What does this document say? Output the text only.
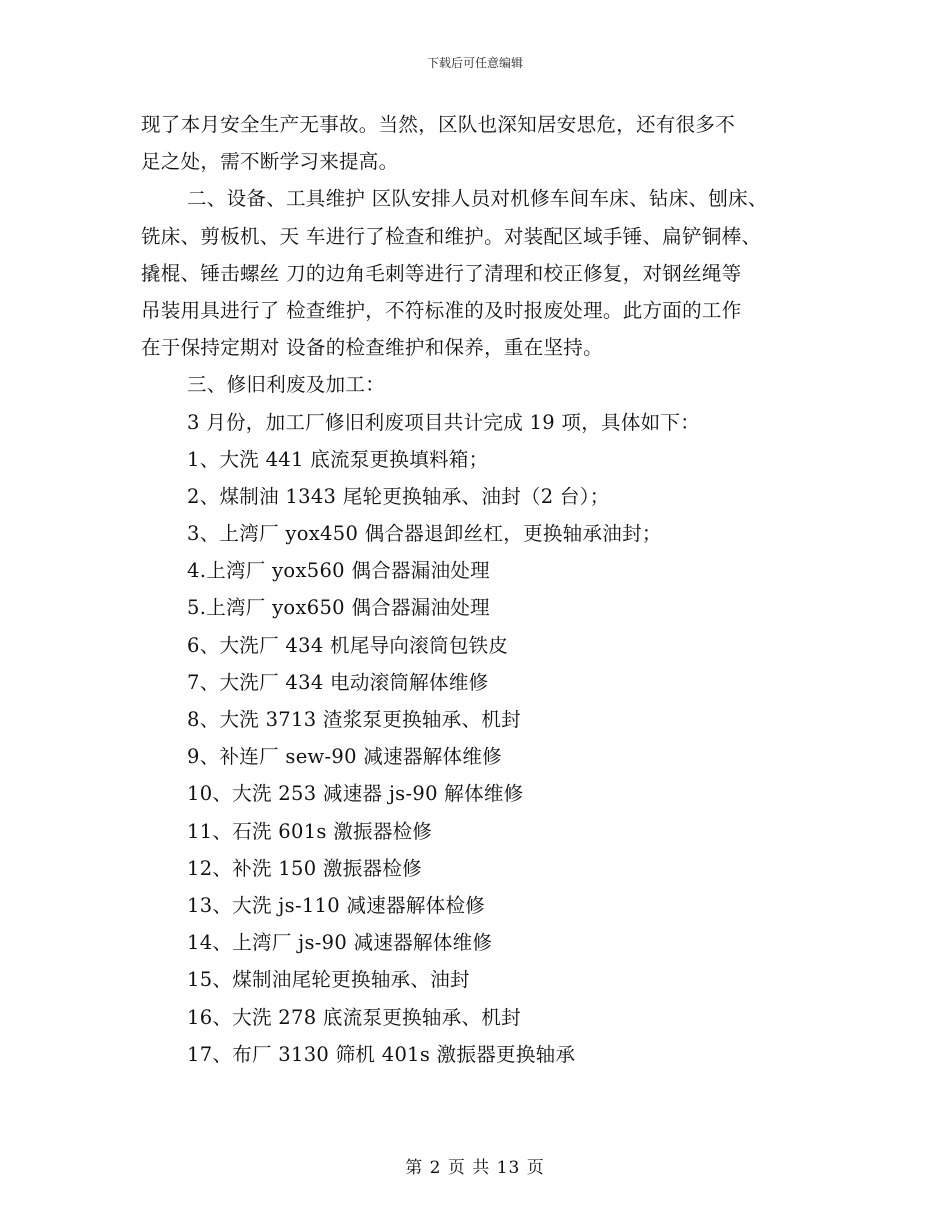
下载后可任意编辑
现了本月安全生产无事故。当然，区队也深知居安思危，还有很多不
足之处，需不断学习来提高。
二、设备、工具维护 区队安排人员对机修车间车床、钻床、刨床、
铣床、剪板机、天 车进行了检查和维护。对装配区域手锤、扁铲铜棒、
撬棍、锤击螺丝 刀的边角毛刺等进行了清理和校正修复，对钢丝绳等
吊装用具进行了 检查维护，不符标准的及时报废处理。此方面的工作
在于保持定期对 设备的检查维护和保养，重在坚持。
三、修旧利废及加工：
3 月份，加工厂修旧利废项目共计完成 19 项，具体如下：
1、大洗 441 底流泵更换填料箱；
2、煤制油 1343 尾轮更换轴承、油封（2 台）；
3、上湾厂 yox450 偶合器退卸丝杠，更换轴承油封；
4.上湾厂 yox560 偶合器漏油处理
5.上湾厂 yox650 偶合器漏油处理
6、大洗厂 434 机尾导向滚筒包铁皮
7、大洗厂 434 电动滚筒解体维修
8、大洗 3713 渣浆泵更换轴承、机封
9、补连厂 sew-90 减速器解体维修
10、大洗 253 减速器 js-90 解体维修
11、石洗 601s 激振器检修
12、补洗 150 激振器检修
13、大洗 js-110 减速器解体检修
14、上湾厂 js-90 减速器解体维修
15、煤制油尾轮更换轴承、油封
16、大洗 278 底流泵更换轴承、机封
17、布厂 3130 筛机 401s 激振器更换轴承
第 2 页 共 13 页
